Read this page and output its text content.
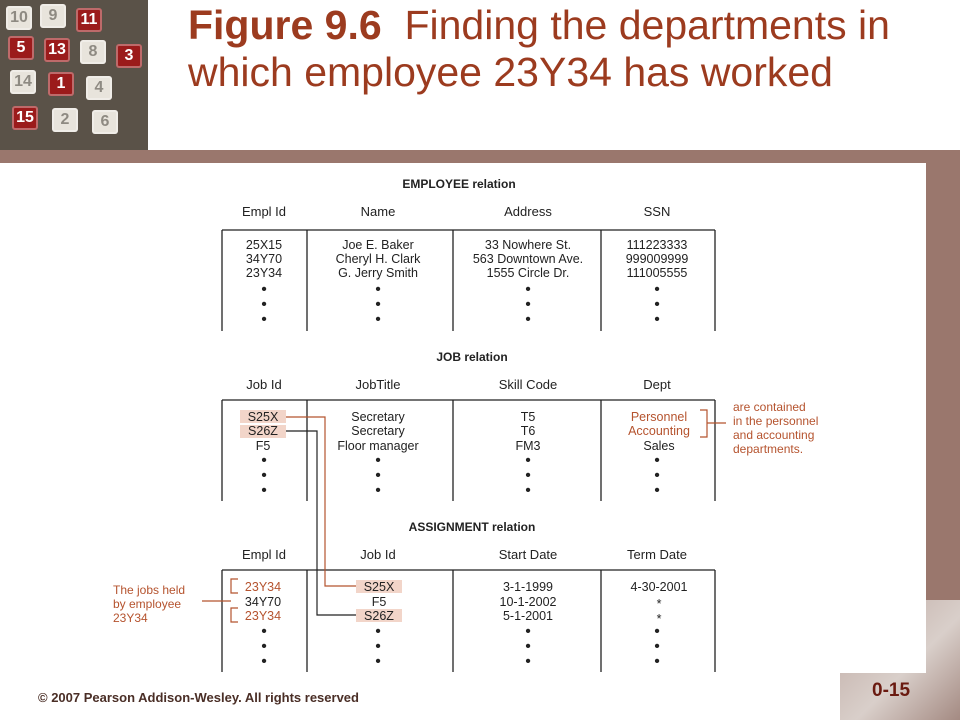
10	9	11
5	13	8	3
14	1	4
15	2	6
Figure 9.6 Finding the departments in which employee 23Y34 has worked
EMPLOYEE relation
JOB relation
ASSIGNMENT relation
Empl Id	Name	Address	SSN
Job Id	JobTitle	Skill Code	Dept
Empl Id	Job Id	Start Date	Term Date
25X15	Joe E. Baker	33 Nowhere St.	111223333
34Y70	Cheryl H. Clark	563 Downtown Ave.	999009999
23Y34	G. Jerry Smith	1555 Circle Dr.	111005555
S25X	Secretary	T5	Personnel
S26Z	Secretary	T6	Accounting
F5	Floor manager	FM3	Sales
23Y34	S25X	3-1-1999	4-30-2001
34Y70	F5	10-1-2002	*
23Y34	S26Z	5-1-2001	*
•	•	•	•
•	•	•	•
•	•	•	•
•	•	•	•
•	•	•	•
•	•	•	•
•	•	•	•
•	•	•	•
•	•	•	•
are contained
in the personnel
and accounting
departments.
The jobs held
by employee
23Y34
© 2007 Pearson Addison-Wesley. All rights reserved	0-15
